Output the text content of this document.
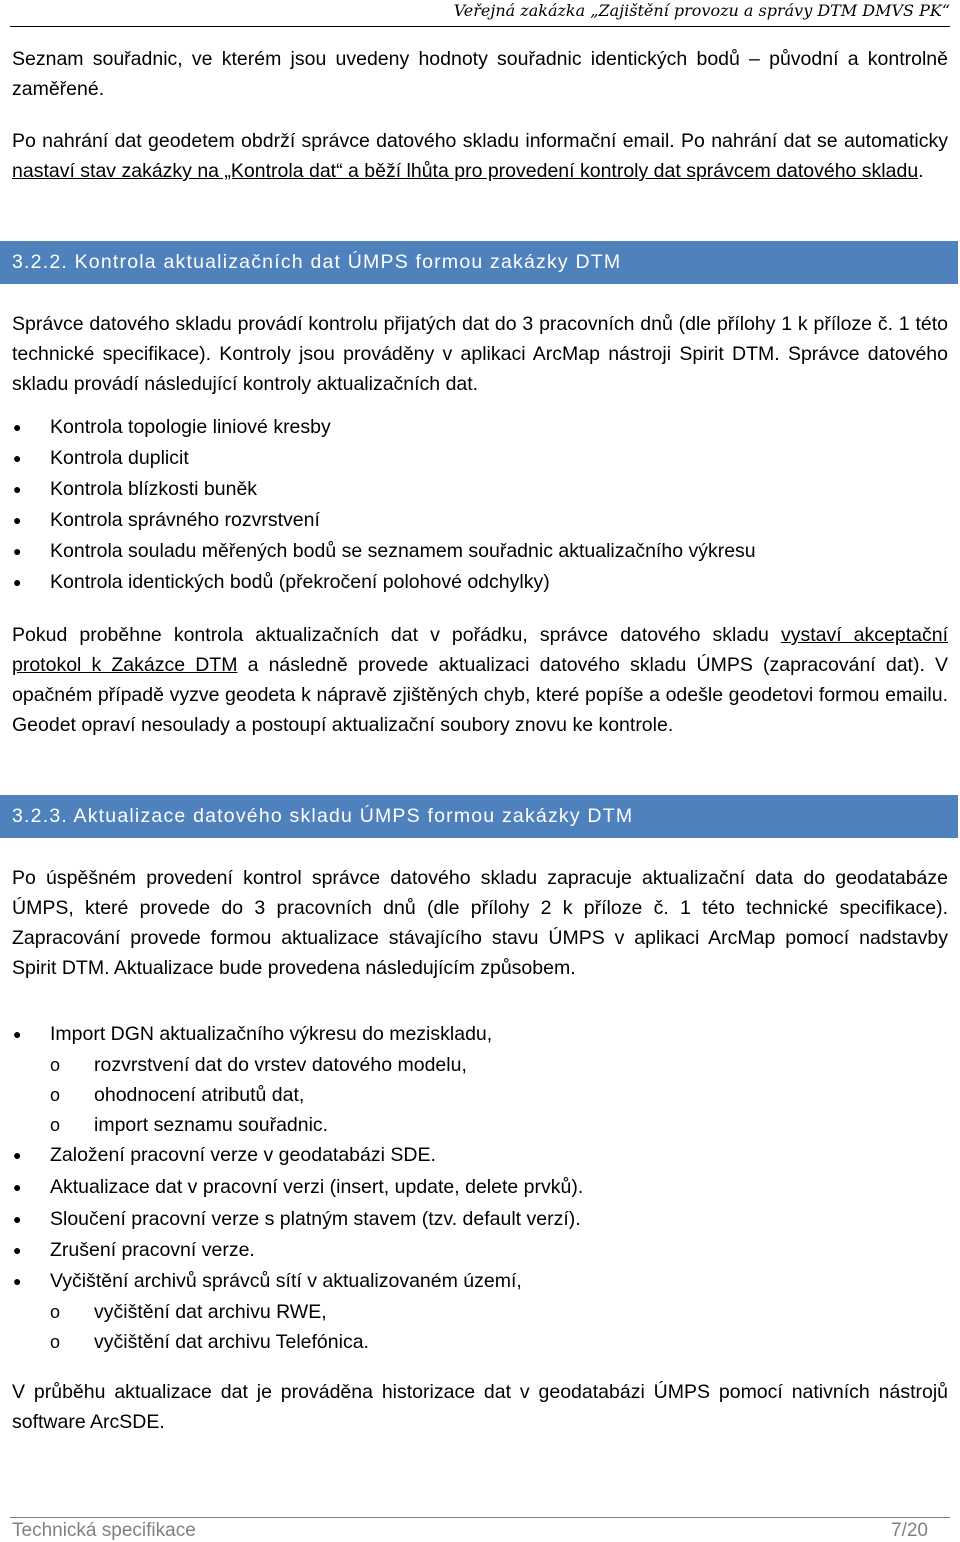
Veřejná zakázka „Zajištění provozu a správy DTM DMVS PK“

Seznam souřadnic, ve kterém jsou uvedeny hodnoty souřadnic identických bodů – původní a kontrolně zaměřené.

Po nahrání dat geodetem obdrží správce datového skladu informační email. Po nahrání dat se automaticky nastaví stav zakázky na „Kontrola dat“ a běží lhůta pro provedení kontroly dat správcem datového skladu.

3.2.2. Kontrola aktualizačních dat ÚMPS formou zakázky DTM

Správce datového skladu provádí kontrolu přijatých dat do 3 pracovních dnů (dle přílohy 1 k příloze č. 1 této technické specifikace). Kontroly jsou prováděny v aplikaci ArcMap nástroji Spirit DTM. Správce datového skladu provádí následující kontroly aktualizačních dat.

● Kontrola topologie liniové kresby
● Kontrola duplicit
● Kontrola blízkosti buněk
● Kontrola správného rozvrstvení
● Kontrola souladu měřených bodů se seznamem souřadnic aktualizačního výkresu
● Kontrola identických bodů (překročení polohové odchylky)

Pokud proběhne kontrola aktualizačních dat v pořádku, správce datového skladu vystaví akceptační protokol k Zakázce DTM a následně provede aktualizaci datového skladu ÚMPS (zapracování dat). V opačném případě vyzve geodeta k nápravě zjištěných chyb, které popíše a odešle geodetovi formou emailu. Geodet opraví nesoulady a postoupí aktualizační soubory znovu ke kontrole.

3.2.3. Aktualizace datového skladu ÚMPS formou zakázky DTM

Po úspěšném provedení kontrol správce datového skladu zapracuje aktualizační data do geodatabáze ÚMPS, které provede do 3 pracovních dnů (dle přílohy 2 k příloze č. 1 této technické specifikace). Zapracování provede formou aktualizace stávajícího stavu ÚMPS v aplikaci ArcMap pomocí nadstavby Spirit DTM. Aktualizace bude provedena následujícím způsobem.

● Import DGN aktualizačního výkresu do meziskladu,
o rozvrstvení dat do vrstev datového modelu,
o ohodnocení atributů dat,
o import seznamu souřadnic.
● Založení pracovní verze v geodatabázi SDE.
● Aktualizace dat v pracovní verzi (insert, update, delete prvků).
● Sloučení pracovní verze s platným stavem (tzv. default verzí).
● Zrušení pracovní verze.
● Vyčištění archivů správců sítí v aktualizovaném území,
o vyčištění dat archivu RWE,
o vyčištění dat archivu Telefónica.

V průběhu aktualizace dat je prováděna historizace dat v geodatabázi ÚMPS pomocí nativních nástrojů software ArcSDE.

Technická specifikace	7/20
